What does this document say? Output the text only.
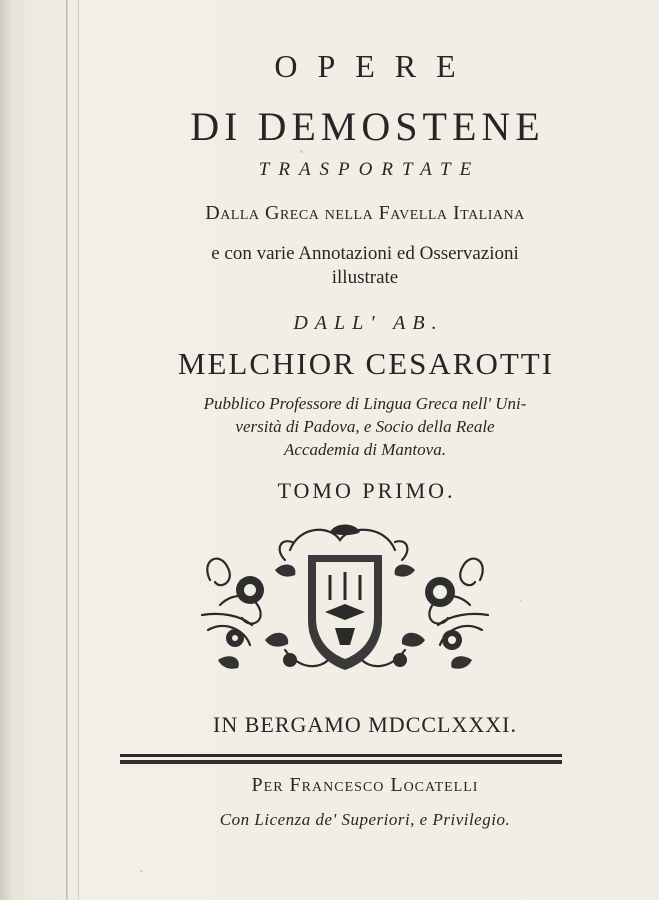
OPERE
DI DEMOSTENE
TRASPORTATE
Dalla Greca nella Favella Italiana
e con varie Annotazioni ed Osservazioni
illustrate
DALL' AB.
MELCHIOR CESAROTTI
Pubblico Professore di Lingua Greca nell' Uni-
versità di Padova, e Socio della Reale
Accademia di Mantova.
TOMO PRIMO.
IN BERGAMO MDCCLXXXI.
Per Francesco Locatelli
Con Licenza de' Superiori, e Privilegio.
